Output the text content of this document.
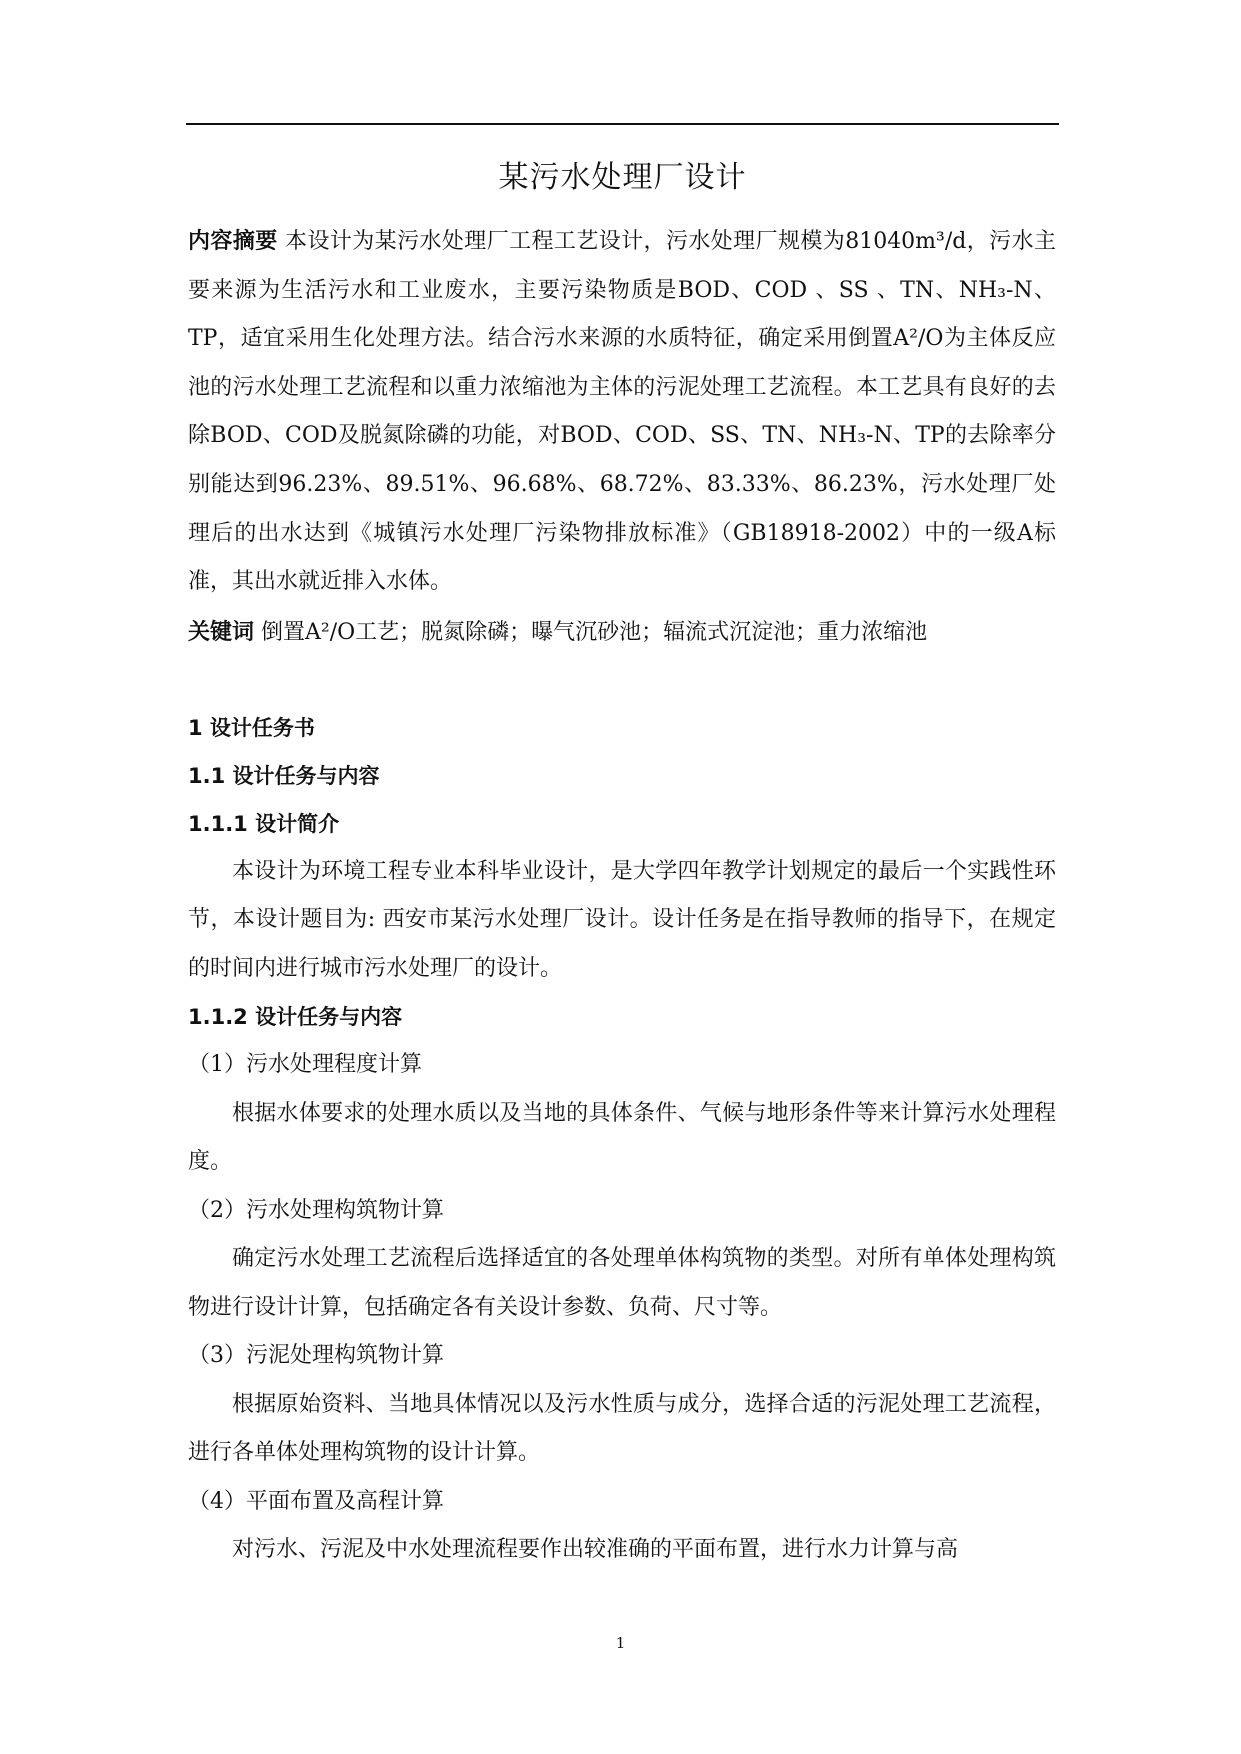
某污水处理厂设计

内容摘要 本设计为某污水处理厂工程工艺设计，污水处理厂规模为81040m³/d，污水主要来源为生活污水和工业废水，主要污染物质是BOD、COD 、SS 、TN、NH₃-N、TP，适宜采用生化处理方法。结合污水来源的水质特征，确定采用倒置A²/O为主体反应池的污水处理工艺流程和以重力浓缩池为主体的污泥处理工艺流程。本工艺具有良好的去除BOD、COD及脱氮除磷的功能，对BOD、COD、SS、TN、NH₃-N、TP的去除率分别能达到96.23%、89.51%、96.68%、68.72%、83.33%、86.23%，污水处理厂处理后的出水达到《城镇污水处理厂污染物排放标准》（GB18918-2002）中的一级A标准，其出水就近排入水体。

关键词 倒置A²/O工艺；脱氮除磷；曝气沉砂池；辐流式沉淀池；重力浓缩池

1 设计任务书

1.1 设计任务与内容

1.1.1 设计简介

本设计为环境工程专业本科毕业设计，是大学四年教学计划规定的最后一个实践性环节，本设计题目为: 西安市某污水处理厂设计。设计任务是在指导教师的指导下，在规定的时间内进行城市污水处理厂的设计。

1.1.2 设计任务与内容

（1）污水处理程度计算

根据水体要求的处理水质以及当地的具体条件、气候与地形条件等来计算污水处理程度。

（2）污水处理构筑物计算

确定污水处理工艺流程后选择适宜的各处理单体构筑物的类型。对所有单体处理构筑物进行设计计算，包括确定各有关设计参数、负荷、尺寸等。

（3）污泥处理构筑物计算

根据原始资料、当地具体情况以及污水性质与成分，选择合适的污泥处理工艺流程，进行各单体处理构筑物的设计计算。

（4）平面布置及高程计算

对污水、污泥及中水处理流程要作出较准确的平面布置，进行水力计算与高

1
